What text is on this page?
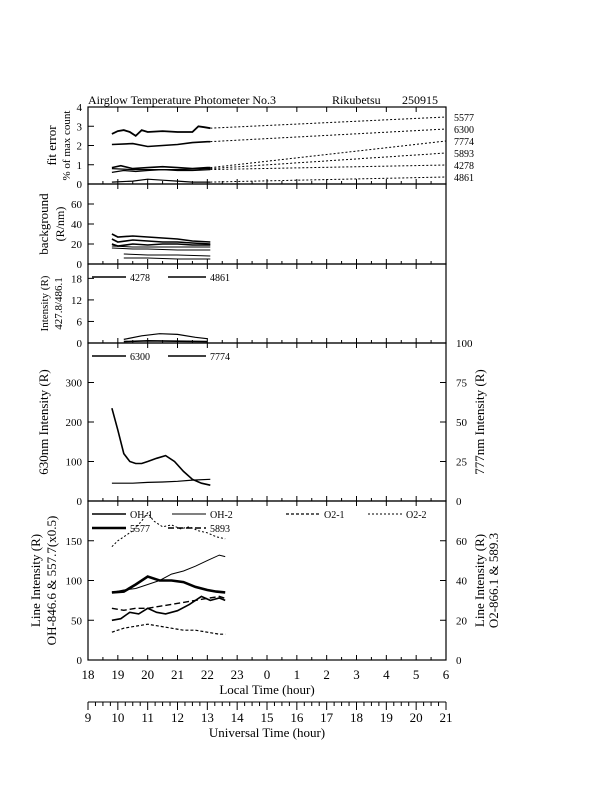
Airglow Temperature Photometer No.3	Rikubetsu 250915
0
1
2
3
4
5577
6300
7774
5893
4278
4861
fit error % of max count
0
20
40
60
background (R/nm)
0
6
12
18	4278	4861
Intensity (R) 427.8/486.1
0
100
200
300
0
25
50
75
100
6300	7774
630nm Intensity (R)	777nm Intensity (R)
0
50
100
150
0
20
40
60
OH-1	OH-2	O2-1	O2-2
5577	5893
Line Intensity (R) OH-846.6 & 557.7(x0.5)	Line Intensity (R) O2-866.1 & 589.3
18 19 20 21 22 23 0 1 2 3 4 5 6
Local Time (hour)
9 10 11 12 13 14 15 16 17 18 19 20 21
Universal Time (hour)
